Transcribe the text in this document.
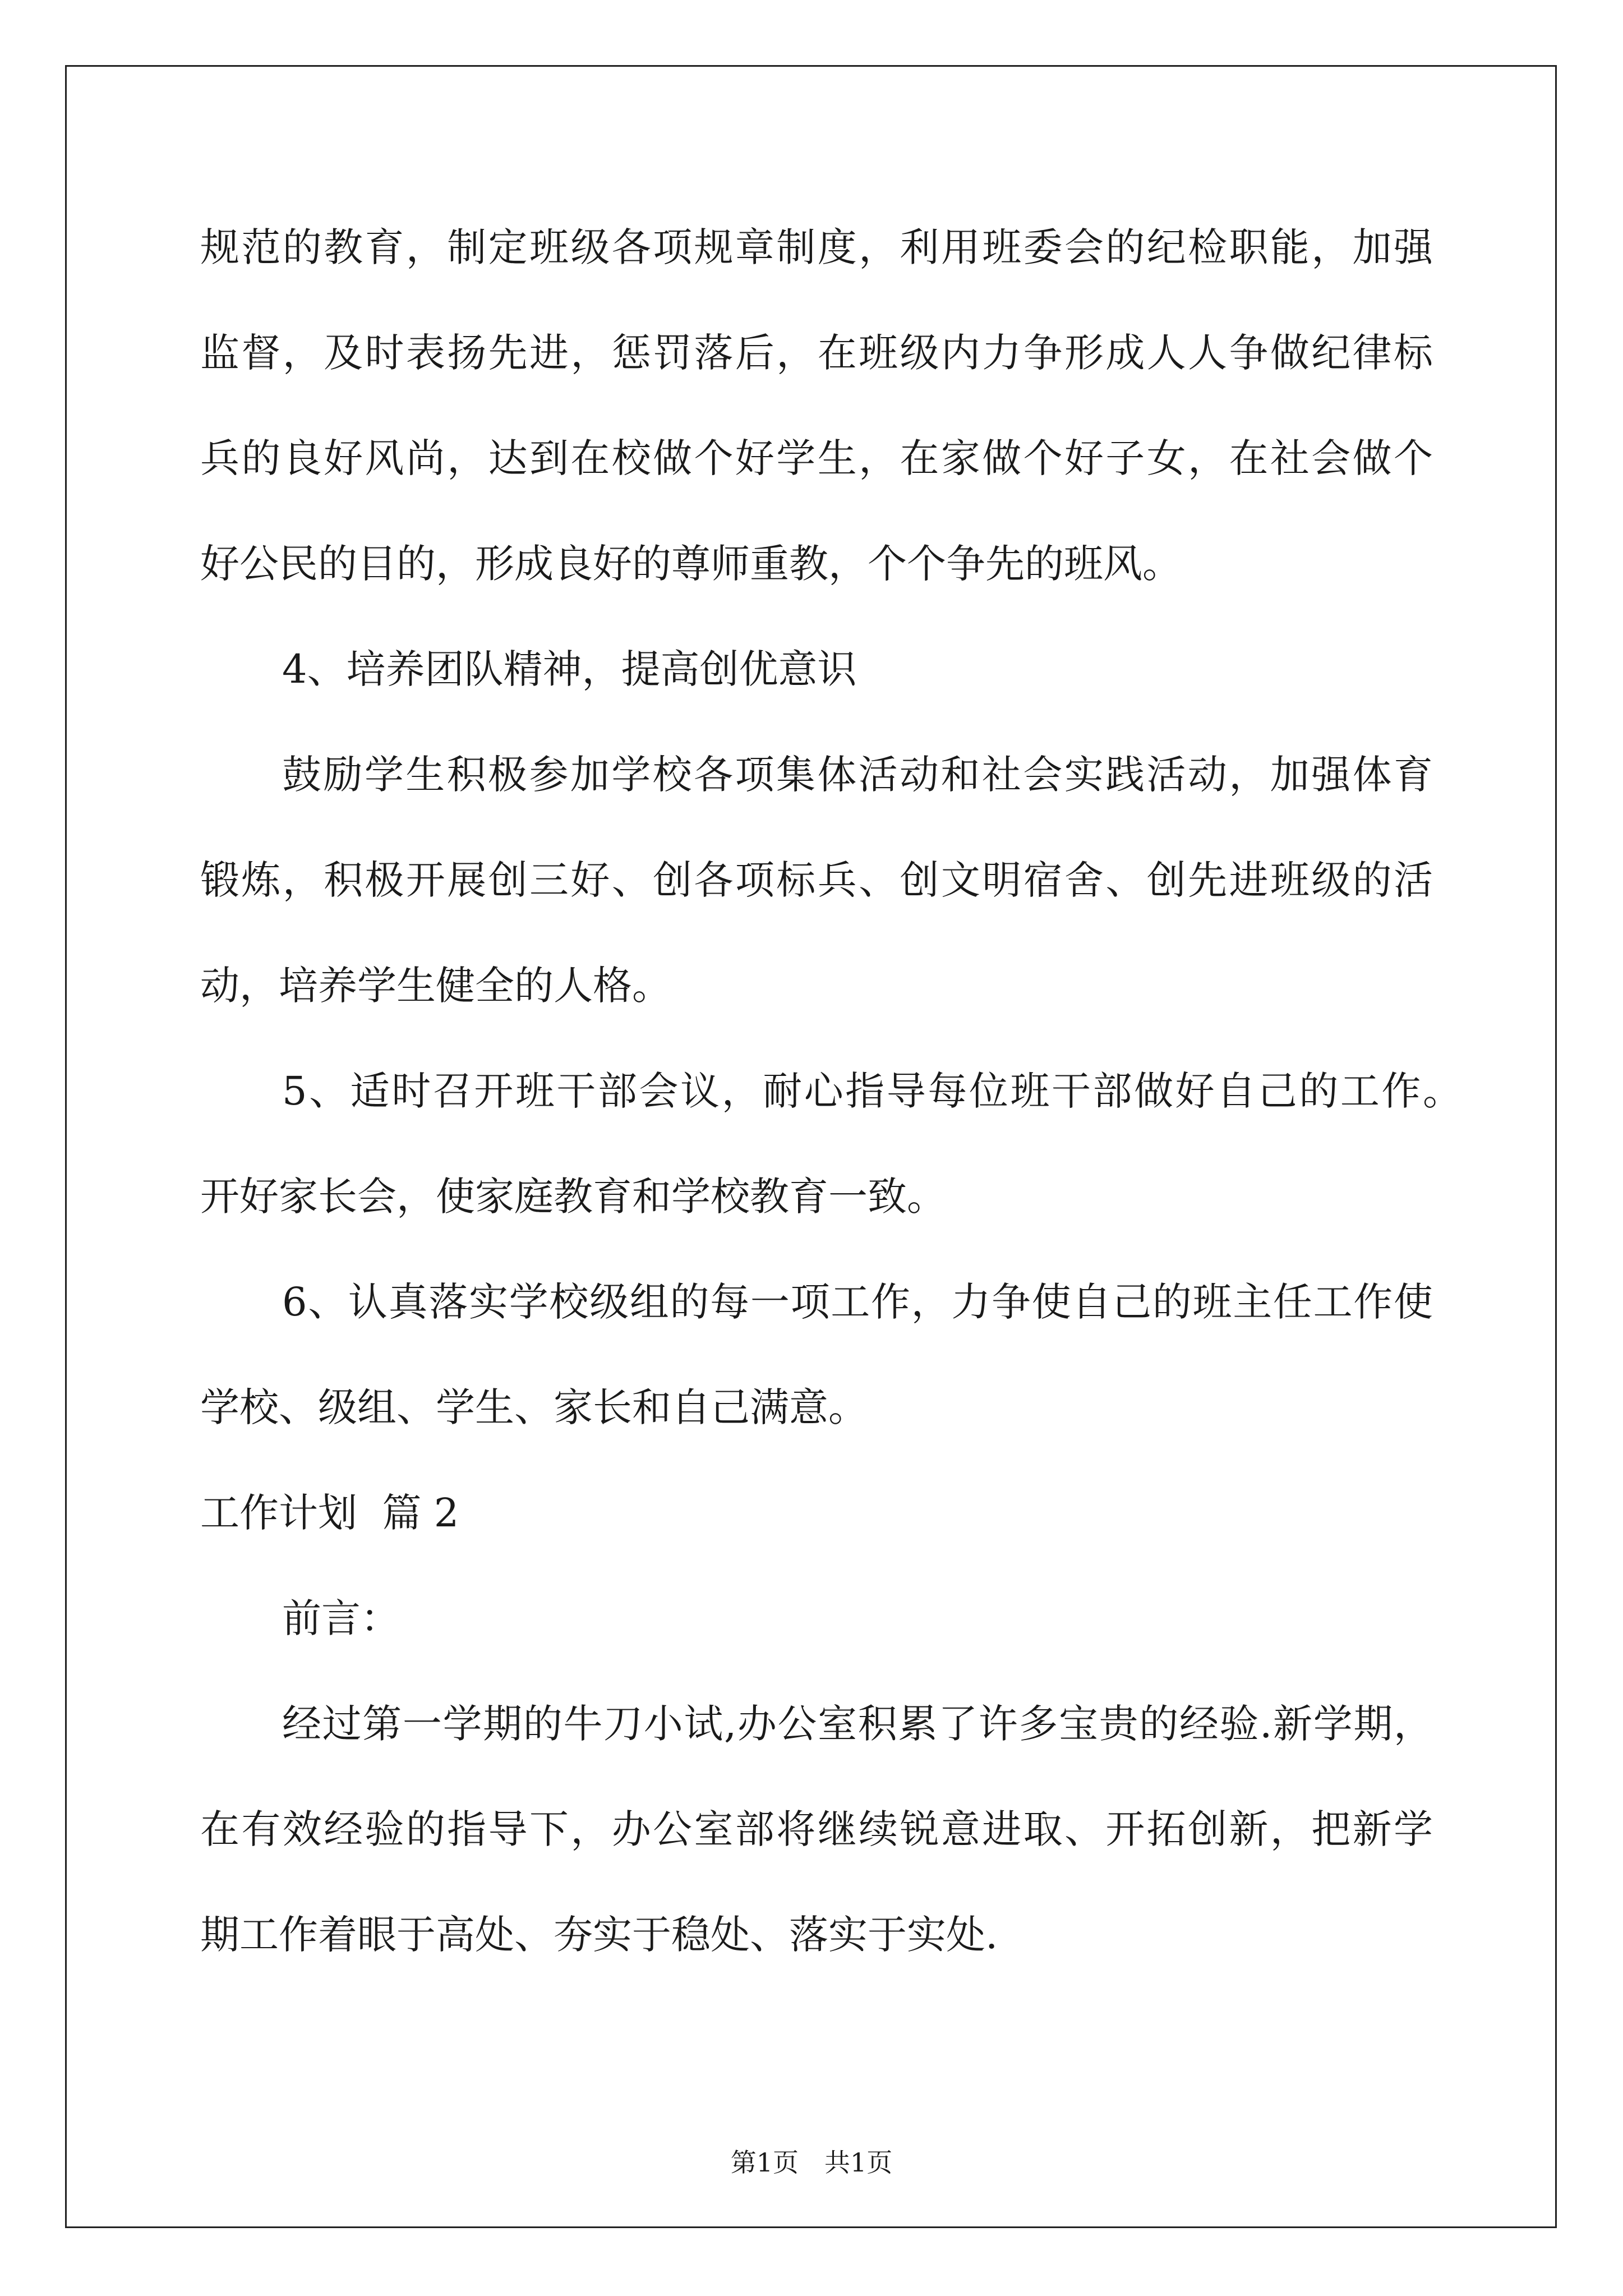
规范的教育，制定班级各项规章制度，利用班委会的纪检职能，加强
监督，及时表扬先进，惩罚落后，在班级内力争形成人人争做纪律标
兵的良好风尚，达到在校做个好学生，在家做个好子女，在社会做个
好公民的目的，形成良好的尊师重教，个个争先的班风。
4、培养团队精神，提高创优意识
鼓励学生积极参加学校各项集体活动和社会实践活动，加强体育
锻炼，积极开展创三好、创各项标兵、创文明宿舍、创先进班级的活
动，培养学生健全的人格。
5、适时召开班干部会议，耐心指导每位班干部做好自己的工作。
开好家长会，使家庭教育和学校教育一致。
6、认真落实学校级组的每一项工作，力争使自己的班主任工作使
学校、级组、学生、家长和自己满意。
工作计划  篇 2
前言：
经过第一学期的牛刀小试,办公室积累了许多宝贵的经验.新学期，
在有效经验的指导下，办公室部将继续锐意进取、开拓创新，把新学
期工作着眼于高处、夯实于稳处、落实于实处.
第1页 共1页
